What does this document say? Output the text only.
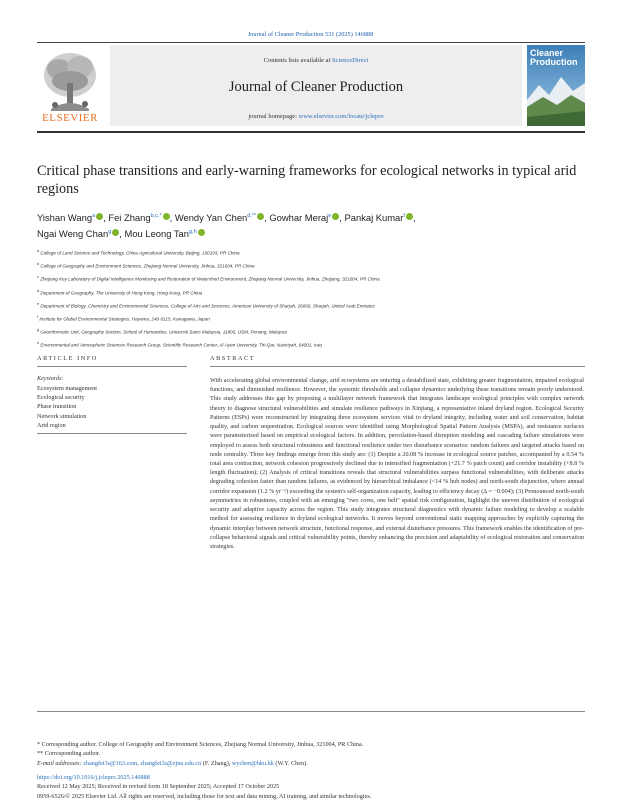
Journal of Cleaner Production 531 (2025) 146888
ELSEVIER
Contents lists available at ScienceDirect
Journal of Cleaner Production
journal homepage: www.elsevier.com/locate/jclepro
Cleaner
Production
Critical phase transitions and early-warning frameworks for ecological networks in typical arid regions
Yishan Wang$^a$ , Fei Zhang$^{b,c,*}$ , Wendy Yan Chen$^{d,**}$ , Gowhar Meraj$^e$ , Pankaj Kumar$^f$ ,
Ngai Weng Chan$^g$ , Mou Leong Tan$^{g,h}$
$^a$ College of Land Science and Technology, China Agricultural University, Beijing, 100193, PR China
$^b$ College of Geography and Environment Sciences, Zhejiang Normal University, Jinhua, 321004, PR China
$^c$ Zhejiang Key Laboratory of Digital Intelligence Monitoring and Restoration of Watershed Environment, Zhejiang Normal University, Jinhua, Zhejiang, 321004, PR China
$^d$ Department of Geography, The University of Hong Kong, Hong Kong, PR China
$^e$ Department of Biology, Chemistry and Environmental Sciences, College of Arts and Sciences, American University of Sharjah, 26666, Sharjah, United Arab Emirates
$^f$ Institute for Global Environmental Strategies, Hayama, 240-0115, Kanagawa, Japan
$^g$ GeoInformatic Unit, Geography Section, School of Humanities, Universiti Sains Malaysia, 11800, USM, Penang, Malaysia
$^h$ Environmental and Atmospheric Sciences Research Group, Scientific Research Center, Al-Ayen University, Thi-Qar, Nasiriyah, 64001, Iraq
ARTICLE INFO	ABSTRACT
Keywords:
Ecosystem management
Ecological security
Phase transition
Network simulation
Arid region
With accelerating global environmental change, arid ecosystems are entering a destabilized state, exhibiting greater fragmentation, impaired ecological functions, and diminished resilience. However, the systemic thresholds and collapse dynamics underlying these transitions remain poorly understood. This study addresses this gap by proposing a multilayer network framework that integrates landscape ecological principles with complex network theory to diagnose structural vulnerabilities and simulate resilience pathways in Xinjiang, a representative inland dryland region. Ecological Security Patterns (ESPs) were reconstructed by integrating three ecosystem services vital to dryland integrity, including water and soil conservation, habitat quality, and carbon sequestration. Ecological sources were identified using Morphological Spatial Pattern Analysis (MSPA), and resistance surfaces were parameterized based on empirical ecological factors. In addition, percolation-based disruption modeling and cascading failure simulations were employed to assess both structural robustness and functional resilience under two disturbance scenarios: random failures and targeted attacks based on node centrality. Three key findings emerge from this study are: (1) Despite a 20.08 % increase in ecological source patches, accompanied by a 0.54 % total area contraction, network cohesion progressively declined due to intensified fragmentation (+21.7 % patch count) and corridor instability (+8.8 % length fluctuation); (2) Analysis of critical transitions reveals that structural vulnerabilities surpass functional vulnerabilities, with deliberate attacks degrading cohesion faster than random failures, as evidenced by hierarchical imbalance (<14 % hub nodes) and north-south disjunction, where annual corridor expansion (1.2 % yr⁻¹) exceeding the system's self-organization capacity, leading to efficiency decay (Δ = −0.004); (3) Pronounced north-south asymmetries in robustness, coupled with an emerging "two cores, one belt" spatial risk configuration, highlight the uneven distribution of ecological security and adaptive capacity across the region. This study integrates structural diagnostics with dynamic failure modeling to develop a scalable method for assessing resilience in dryland ecological networks. It moves beyond conventional static mapping approaches by explicitly capturing the dynamic interplay between network structure, functional response, and external disturbance pressures. This framework enables the identification of pre-collapse behavioral signals and critical vulnerability points, thereby enhancing the precision and adaptability of ecological restoration and conservation strategies.
* Corresponding author. College of Geography and Environment Sciences, Zhejiang Normal University, Jinhua, 321004, PR China.
** Corresponding author.
E-mail addresses: zhangfei3s@163.com, zhangfei3s@zjnu.edu.cn (F. Zhang), wychen@hku.hk (W.Y. Chen).
https://doi.org/10.1016/j.jclepro.2025.146888
Received 12 May 2025; Received in revised form 18 September 2025; Accepted 17 October 2025
0959-6526/© 2025 Elsevier Ltd. All rights are reserved, including those for text and data mining, AI training, and similar technologies.
